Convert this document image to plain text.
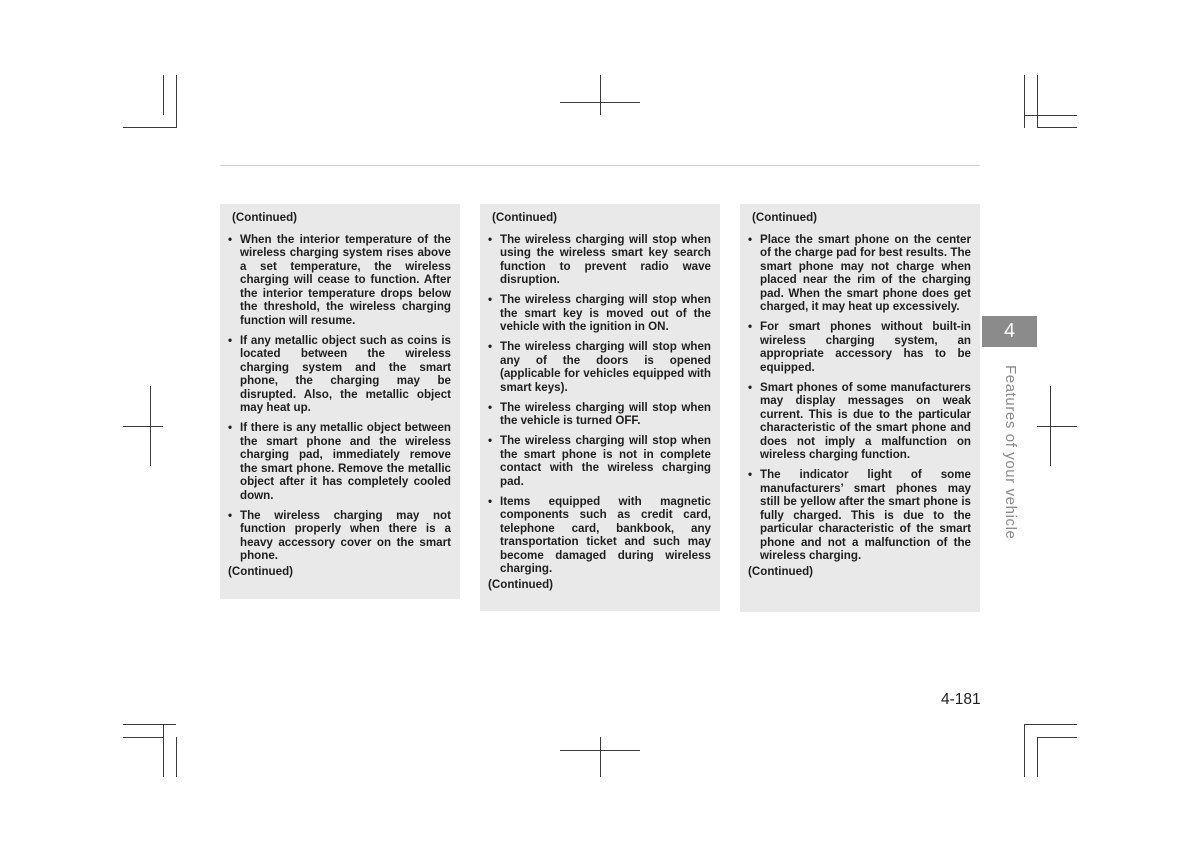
(Continued)
• When the interior temperature of the wireless charging system rises above a set temperature, the wireless charging will cease to function. After the interior temperature drops below the threshold, the wireless charging function will resume.
• If any metallic object such as coins is located between the wireless charging system and the smart phone, the charging may be disrupted. Also, the metallic object may heat up.
• If there is any metallic object between the smart phone and the wireless charging pad, immediately remove the smart phone. Remove the metallic object after it has completely cooled down.
• The wireless charging may not function properly when there is a heavy accessory cover on the smart phone.
(Continued)
(Continued)
• The wireless charging will stop when using the wireless smart key search function to prevent radio wave disruption.
• The wireless charging will stop when the smart key is moved out of the vehicle with the ignition in ON.
• The wireless charging will stop when any of the doors is opened (applicable for vehicles equipped with smart keys).
• The wireless charging will stop when the vehicle is turned OFF.
• The wireless charging will stop when the smart phone is not in complete contact with the wireless charging pad.
• Items equipped with magnetic components such as credit card, telephone card, bankbook, any transportation ticket and such may become damaged during wireless charging.
(Continued)
(Continued)
• Place the smart phone on the center of the charge pad for best results. The smart phone may not charge when placed near the rim of the charging pad. When the smart phone does get charged, it may heat up excessively.
• For smart phones without built-in wireless charging system, an appropriate accessory has to be equipped.
• Smart phones of some manufacturers may display messages on weak current. This is due to the particular characteristic of the smart phone and does not imply a malfunction on wireless charging function.
• The indicator light of some manufacturers’ smart phones may still be yellow after the smart phone is fully charged. This is due to the particular characteristic of the smart phone and not a malfunction of the wireless charging.
(Continued)
4
Features of your vehicle
4-181
